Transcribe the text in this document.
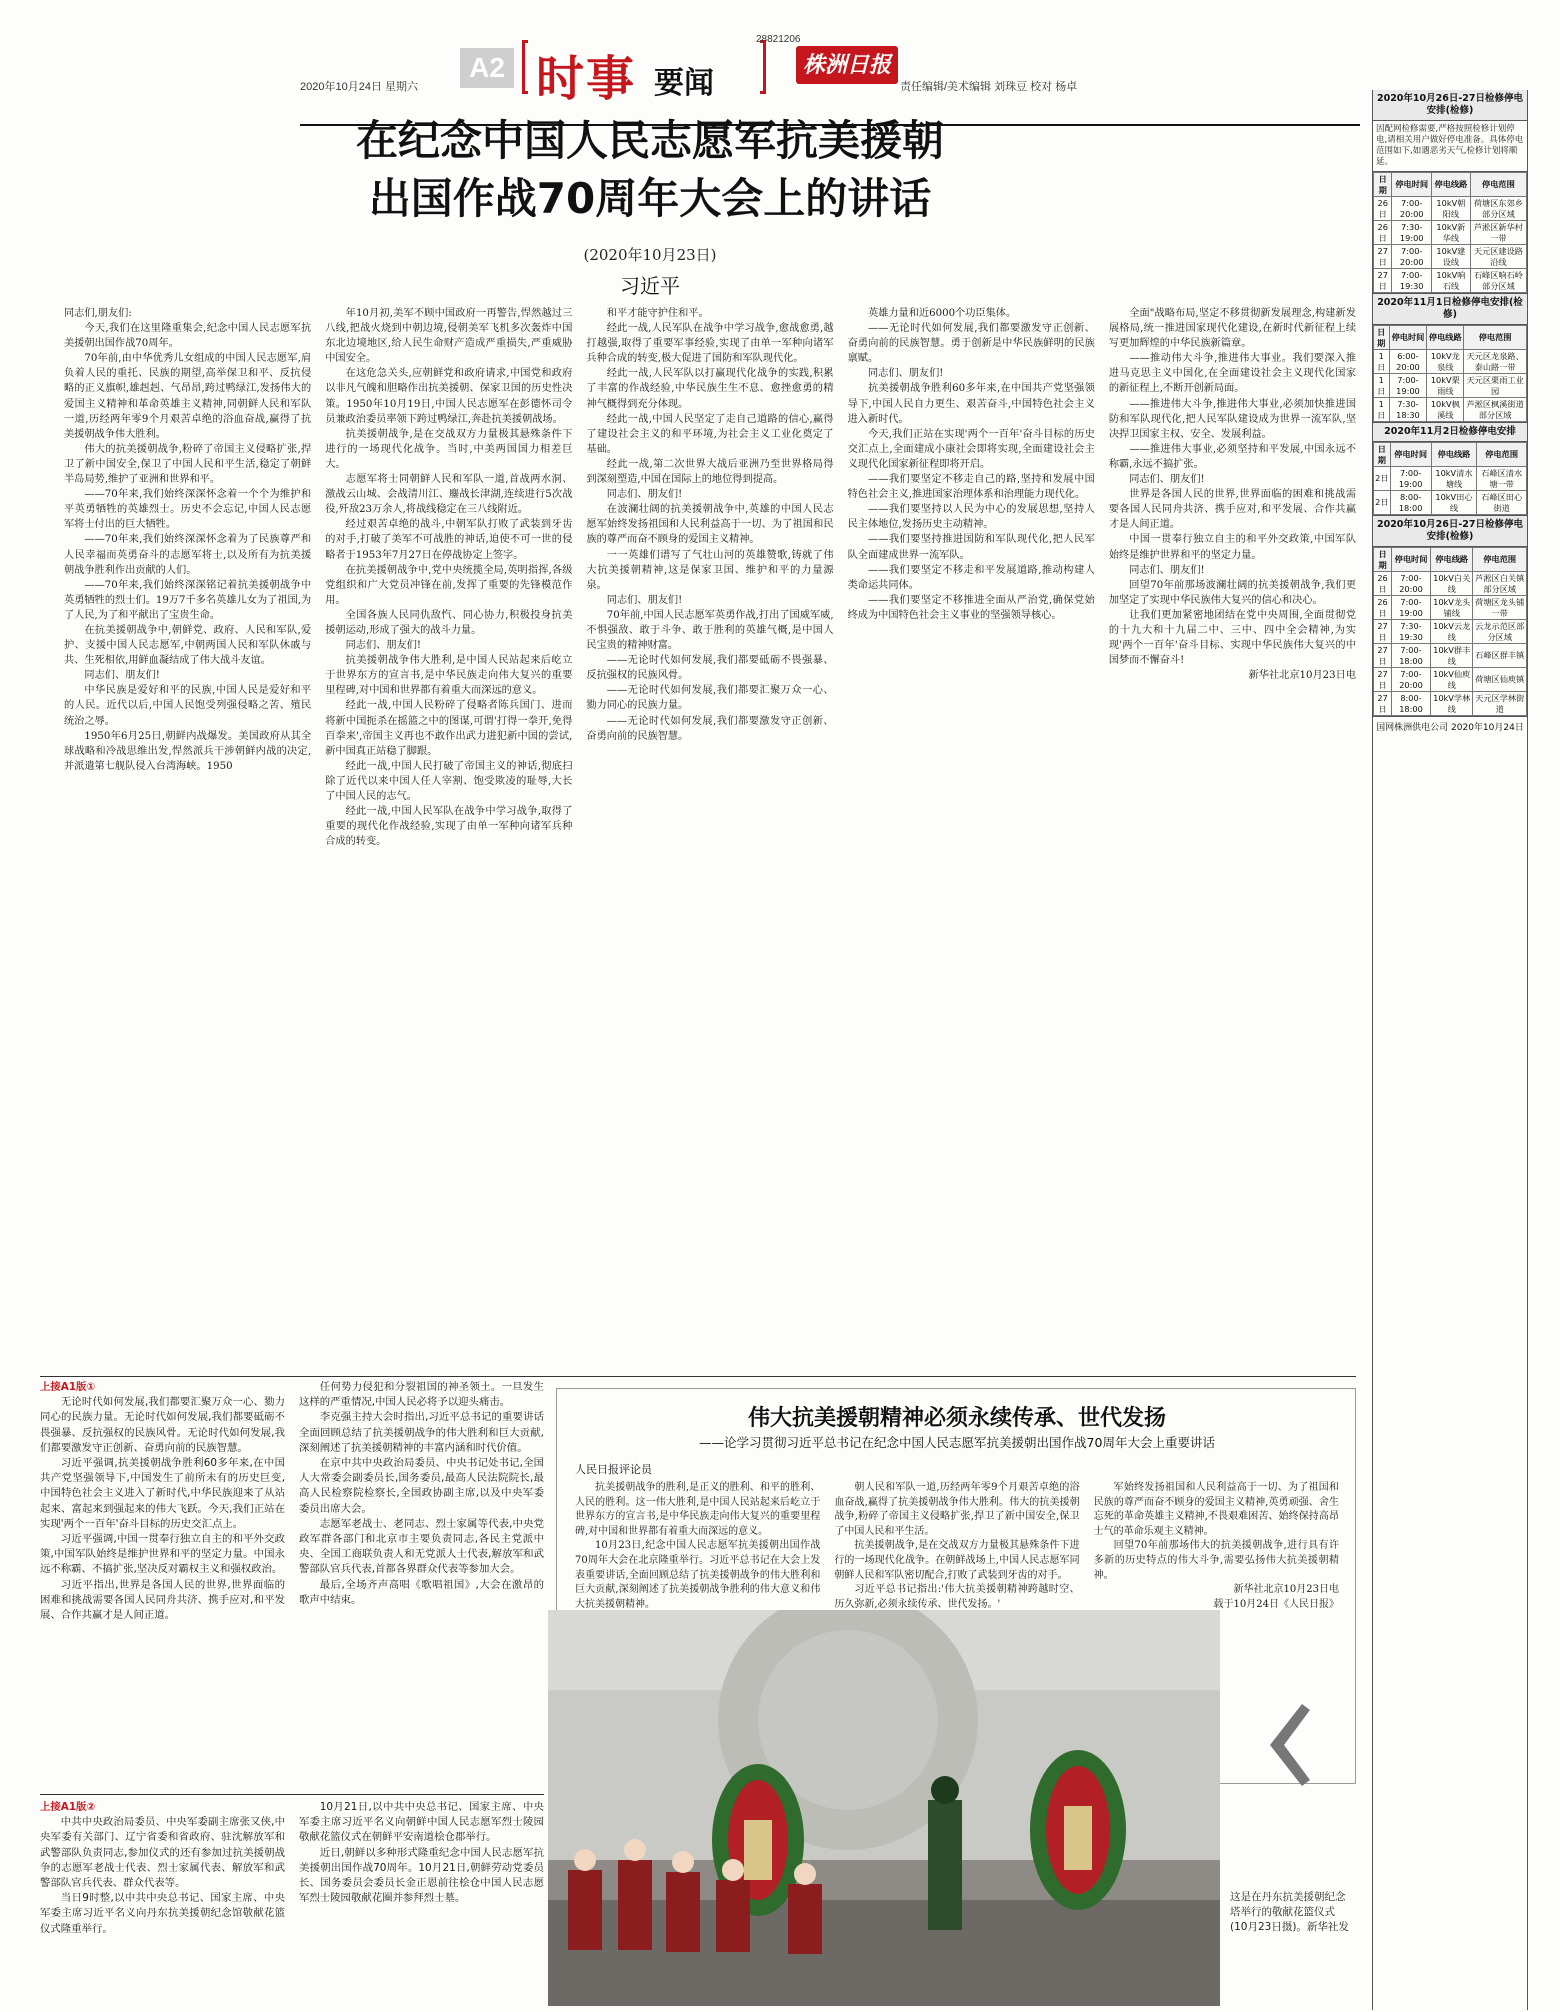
2020年10月24日 星期六
A2 时事 要闻
28821206
株洲日报
责任编辑/美术编辑 刘珠豆 校对 杨卓
在纪念中国人民志愿军抗美援朝
出国作战70周年大会上的讲话
(2020年10月23日)
习近平

同志们,朋友们:

今天,我们在这里隆重集会,纪念中国人民志愿军抗美援朝出国作战70周年。

70年前,由中华优秀儿女组成的中国人民志愿军,肩负着人民的重托、民族的期望,高举保卫和平、反抗侵略的正义旗帜,雄赳赳、气昂昂,跨过鸭绿江,发扬伟大的爱国主义精神和革命英雄主义精神,同朝鲜人民和军队一道,历经两年零9个月艰苦卓绝的浴血奋战,赢得了抗美援朝战争伟大胜利。

伟大的抗美援朝战争,粉碎了帝国主义侵略扩张,捍卫了新中国安全,保卫了中国人民和平生活,稳定了朝鲜半岛局势,维护了亚洲和世界和平。

——70年来,我们始终深深怀念着一个个为维护和平英勇牺牲的英雄烈士。历史不会忘记,中国人民志愿军将士付出的巨大牺牲。

——70年来,我们始终深深怀念着为了民族尊严和人民幸福而英勇奋斗的志愿军将士,以及所有为抗美援朝战争胜利作出贡献的人们。

——70年来,我们始终深深铭记着抗美援朝战争中英勇牺牲的烈士们。19万7千多名英雄儿女为了祖国,为了人民,为了和平献出了宝贵生命。

在抗美援朝战争中,朝鲜党、政府、人民和军队,爱护、支援中国人民志愿军,中朝两国人民和军队休戚与共、生死相依,用鲜血凝结成了伟大战斗友谊。

同志们、朋友们!

中华民族是爱好和平的民族,中国人民是爱好和平的人民。近代以后,中国人民饱受列强侵略之苦、殖民统治之辱。

1950年6月25日,朝鲜内战爆发。美国政府从其全球战略和冷战思维出发,悍然派兵干涉朝鲜内战的决定,并派遣第七舰队侵入台湾海峡。1950

年10月初,美军不顾中国政府一再警告,悍然越过三八线,把战火烧到中朝边境,侵朝美军飞机多次轰炸中国东北边境地区,给人民生命财产造成严重损失,严重威胁中国安全。

在这危急关头,应朝鲜党和政府请求,中国党和政府以非凡气魄和胆略作出抗美援朝、保家卫国的历史性决策。1950年10月19日,中国人民志愿军在彭德怀司令员兼政治委员率领下跨过鸭绿江,奔赴抗美援朝战场。

抗美援朝战争,是在交战双方力量极其悬殊条件下进行的一场现代化战争。当时,中美两国国力相差巨大。

志愿军将士同朝鲜人民和军队一道,首战两水洞、激战云山城、会战清川江、鏖战长津湖,连续进行5次战役,歼敌23万余人,将战线稳定在三八线附近。

经过艰苦卓绝的战斗,中朝军队打败了武装到牙齿的对手,打破了美军不可战胜的神话,迫使不可一世的侵略者于1953年7月27日在停战协定上签字。

在抗美援朝战争中,党中央统揽全局,英明指挥,各级党组织和广大党员冲锋在前,发挥了重要的先锋模范作用。

全国各族人民同仇敌忾、同心协力,积极投身抗美援朝运动,形成了强大的战斗力量。

同志们、朋友们!

抗美援朝战争伟大胜利,是中国人民站起来后屹立于世界东方的宣言书,是中华民族走向伟大复兴的重要里程碑,对中国和世界都有着重大而深远的意义。

经此一战,中国人民粉碎了侵略者陈兵国门、进而将新中国扼杀在摇篮之中的图谋,可谓'打得一拳开,免得百拳来',帝国主义再也不敢作出武力进犯新中国的尝试,新中国真正站稳了脚跟。

经此一战,中国人民打破了帝国主义的神话,彻底扫除了近代以来中国人任人宰割、饱受欺凌的耻辱,大长了中国人民的志气。

经此一战,中国人民军队在战争中学习战争,取得了重要的现代化作战经验,实现了由单一军种向诸军兵种合成的转变。

和平才能守护住和平。

经此一战,人民军队在战争中学习战争,愈战愈勇,越打越强,取得了重要军事经验,实现了由单一军种向诸军兵种合成的转变,极大促进了国防和军队现代化。

经此一战,人民军队以打赢现代化战争的实践,积累了丰富的作战经验,中华民族生生不息、愈挫愈勇的精神气概得到充分体现。

经此一战,中国人民坚定了走自己道路的信心,赢得了建设社会主义的和平环境,为社会主义工业化奠定了基础。

经此一战,第二次世界大战后亚洲乃至世界格局得到深刻塑造,中国在国际上的地位得到提高。

同志们、朋友们!

在波澜壮阔的抗美援朝战争中,英雄的中国人民志愿军始终发扬祖国和人民利益高于一切、为了祖国和民族的尊严而奋不顾身的爱国主义精神。

一一英雄们谱写了气壮山河的英雄赞歌,铸就了伟大抗美援朝精神,这是保家卫国、维护和平的力量源泉。

同志们、朋友们!

70年前,中国人民志愿军英勇作战,打出了国威军威,不惧强敌、敢于斗争、敢于胜利的英雄气概,是中国人民宝贵的精神财富。

——无论时代如何发展,我们都要砥砺不畏强暴、反抗强权的民族风骨。

——无论时代如何发展,我们都要汇聚万众一心、勠力同心的民族力量。

——无论时代如何发展,我们都要激发守正创新、奋勇向前的民族智慧。

英雄力量和近6000个功臣集体。

——无论时代如何发展,我们都要激发守正创新、奋勇向前的民族智慧。勇于创新是中华民族鲜明的民族禀赋。

同志们、朋友们!

抗美援朝战争胜利60多年来,在中国共产党坚强领导下,中国人民自力更生、艰苦奋斗,中国特色社会主义进入新时代。

今天,我们正站在实现'两个一百年'奋斗目标的历史交汇点上,全面建成小康社会即将实现,全面建设社会主义现代化国家新征程即将开启。

——我们要坚定不移走自己的路,坚持和发展中国特色社会主义,推进国家治理体系和治理能力现代化。

——我们要坚持以人民为中心的发展思想,坚持人民主体地位,发扬历史主动精神。

——我们要坚持推进国防和军队现代化,把人民军队全面建成世界一流军队。

——我们要坚定不移走和平发展道路,推动构建人类命运共同体。

——我们要坚定不移推进全面从严治党,确保党始终成为中国特色社会主义事业的坚强领导核心。

全面"战略布局,坚定不移贯彻新发展理念,构建新发展格局,统一推进国家现代化建设,在新时代新征程上续写更加辉煌的中华民族新篇章。

——推动伟大斗争,推进伟大事业。我们要深入推进马克思主义中国化,在全面建设社会主义现代化国家的新征程上,不断开创新局面。

——推进伟大斗争,推进伟大事业,必须加快推进国防和军队现代化,把人民军队建设成为世界一流军队,坚决捍卫国家主权、安全、发展利益。

——推进伟大事业,必须坚持和平发展,中国永远不称霸,永远不搞扩张。

同志们、朋友们!

世界是各国人民的世界,世界面临的困难和挑战需要各国人民同舟共济、携手应对,和平发展、合作共赢才是人间正道。

中国一贯奉行独立自主的和平外交政策,中国军队始终是维护世界和平的坚定力量。

同志们、朋友们!

回望70年前那场波澜壮阔的抗美援朝战争,我们更加坚定了实现中华民族伟大复兴的信心和决心。

让我们更加紧密地团结在党中央周围,全面贯彻党的十九大和十九届二中、三中、四中全会精神,为实现'两个一百年'奋斗目标、实现中华民族伟大复兴的中国梦而不懈奋斗!

新华社北京10月23日电

上接A1版①

无论时代如何发展,我们都要汇聚万众一心、勠力同心的民族力量。无论时代如何发展,我们都要砥砺不畏强暴、反抗强权的民族风骨。无论时代如何发展,我们都要激发守正创新、奋勇向前的民族智慧。

习近平强调,抗美援朝战争胜利60多年来,在中国共产党坚强领导下,中国发生了前所未有的历史巨变,中国特色社会主义进入了新时代,中华民族迎来了从站起来、富起来到强起来的伟大飞跃。今天,我们正站在实现'两个一百年'奋斗目标的历史交汇点上。

习近平强调,中国一贯奉行独立自主的和平外交政策,中国军队始终是维护世界和平的坚定力量。中国永远不称霸、不搞扩张,坚决反对霸权主义和强权政治。

习近平指出,世界是各国人民的世界,世界面临的困难和挑战需要各国人民同舟共济、携手应对,和平发展、合作共赢才是人间正道。

任何势力侵犯和分裂祖国的神圣领土。一旦发生这样的严重情况,中国人民必将予以迎头痛击。

李克强主持大会时指出,习近平总书记的重要讲话全面回顾总结了抗美援朝战争的伟大胜利和巨大贡献,深刻阐述了抗美援朝精神的丰富内涵和时代价值。

在京中共中央政治局委员、中央书记处书记,全国人大常委会副委员长,国务委员,最高人民法院院长,最高人民检察院检察长,全国政协副主席,以及中央军委委员出席大会。

志愿军老战士、老同志、烈士家属等代表,中央党政军群各部门和北京市主要负责同志,各民主党派中央、全国工商联负责人和无党派人士代表,解放军和武警部队官兵代表,首都各界群众代表等参加大会。

最后,全场齐声高唱《歌唱祖国》,大会在激昂的歌声中结束。

伟大抗美援朝精神必须永续传承、世代发扬
——论学习贯彻习近平总书记在纪念中国人民志愿军抗美援朝出国作战70周年大会上重要讲话
人民日报评论员

抗美援朝战争的胜利,是正义的胜利、和平的胜利、人民的胜利。这一伟大胜利,是中国人民站起来后屹立于世界东方的宣言书,是中华民族走向伟大复兴的重要里程碑,对中国和世界都有着重大而深远的意义。

10月23日,纪念中国人民志愿军抗美援朝出国作战70周年大会在北京隆重举行。习近平总书记在大会上发表重要讲话,全面回顾总结了抗美援朝战争的伟大胜利和巨大贡献,深刻阐述了抗美援朝战争胜利的伟大意义和伟大抗美援朝精神。

朝人民和军队一道,历经两年零9个月艰苦卓绝的浴血奋战,赢得了抗美援朝战争伟大胜利。伟大的抗美援朝战争,粉碎了帝国主义侵略扩张,捍卫了新中国安全,保卫了中国人民和平生活。

抗美援朝战争,是在交战双方力量极其悬殊条件下进行的一场现代化战争。在朝鲜战场上,中国人民志愿军同朝鲜人民和军队密切配合,打败了武装到牙齿的对手。

习近平总书记指出:'伟大抗美援朝精神跨越时空、历久弥新,必须永续传承、世代发扬。'

军始终发扬祖国和人民利益高于一切、为了祖国和民族的尊严而奋不顾身的爱国主义精神,英勇顽强、舍生忘死的革命英雄主义精神,不畏艰难困苦、始终保持高昂士气的革命乐观主义精神。

回望70年前那场伟大的抗美援朝战争,进行具有许多新的历史特点的伟大斗争,需要弘扬伟大抗美援朝精神。

新华社北京10月23日电

载于10月24日《人民日报》

上接A1版②

中共中央政治局委员、中央军委副主席张又侠,中央军委有关部门、辽宁省委和省政府、驻沈解放军和武警部队负责同志,参加仪式的还有参加过抗美援朝战争的志愿军老战士代表、烈士家属代表、解放军和武警部队官兵代表、群众代表等。

当日9时整,以中共中央总书记、国家主席、中央军委主席习近平名义向丹东抗美援朝纪念馆敬献花篮仪式隆重举行。

10月21日,以中共中央总书记、国家主席、中央军委主席习近平名义向朝鲜中国人民志愿军烈士陵园敬献花篮仪式在朝鲜平安南道桧仓郡举行。

近日,朝鲜以多种形式隆重纪念中国人民志愿军抗美援朝出国作战70周年。10月21日,朝鲜劳动党委员长、国务委员会委员长金正恩前往桧仓中国人民志愿军烈士陵园敬献花圈并参拜烈士墓。	这是在丹东抗美援朝纪念塔举行的敬献花篮仪式(10月23日摄)。新华社发
2020年10月26日-27日检修停电安排(检修)
因配网检修需要,严格按照检修计划停电,请相关用户做好停电准备。具体停电范围如下,如遇恶劣天气,检修计划将顺延。
日期	停电时间	停电线路	停电范围
26日	7:00-20:00	10kV朝阳线	荷塘区东郊乡部分区域
26日	7:30-19:00	10kV新华线	芦淞区新华村一带
27日	7:00-20:00	10kV建设线	天元区建设路沿线
27日	7:00-19:30	10kV响石线	石峰区响石岭部分区域
2020年11月1日检修停电安排(检修)
日期	停电时间	停电线路	停电范围
1日	6:00-20:00	10kV龙泉线	天元区龙泉路、泰山路一带
1日	7:00-19:00	10kV栗雨线	天元区栗雨工业园
1日	7:30-18:30	10kV枫溪线	芦淞区枫溪街道部分区域
2020年11月2日检修停电安排
日期	停电时间	停电线路	停电范围
2日	7:00-19:00	10kV清水塘线	石峰区清水塘一带
2日	8:00-18:00	10kV田心线	石峰区田心街道
2020年10月26日-27日检修停电安排(检修)
日期	停电时间	停电线路	停电范围
26日	7:00-20:00	10kV白关线	芦淞区白关镇部分区域
26日	7:00-19:00	10kV龙头铺线	荷塘区龙头铺一带
27日	7:30-19:30	10kV云龙线	云龙示范区部分区域
27日	7:00-18:00	10kV群丰线	石峰区群丰镇
27日	7:00-20:00	10kV仙庾线	荷塘区仙庾镇
27日	8:00-18:00	10kV学林线	天元区学林街道
国网株洲供电公司 2020年10月24日
